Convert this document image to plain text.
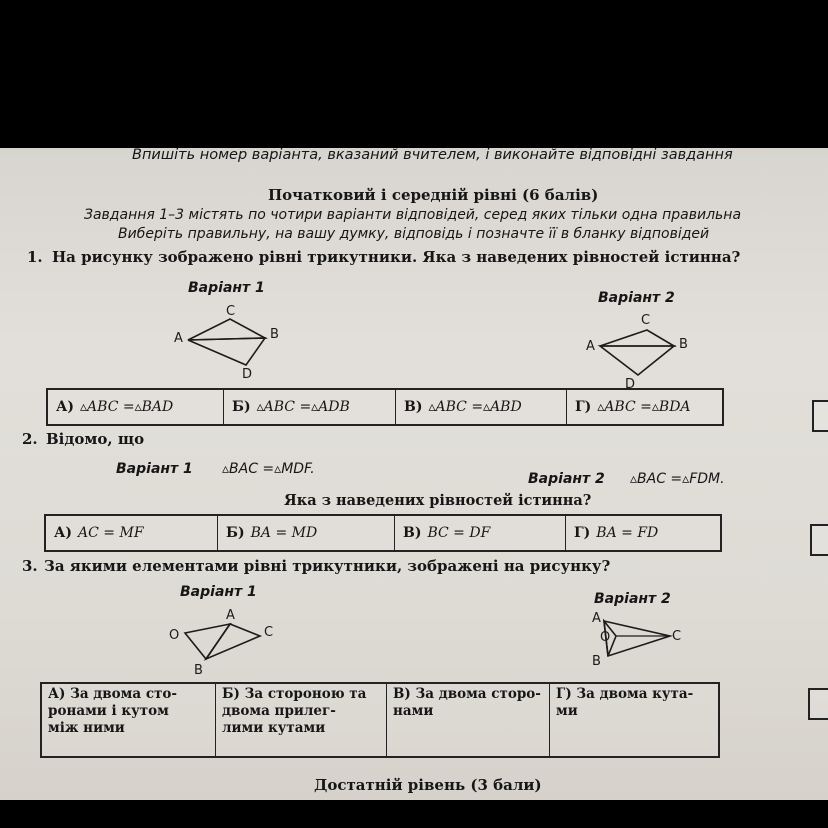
Впишіть номер варіанта, вказаний вчителем, і виконайте відповідні завдання
Початковий і середній рівні (6 балів)
Завдання 1–3 містять по чотири варіанти відповідей, серед яких тільки одна правильна
Виберіть правильну, на вашу думку, відповідь і позначте її в бланку відповідей
1. На рисунку зображено рівні трикутники. Яка з наведених рівностей істинна?
Варіант 1
Варіант 2
A	B
C
D
A	B
C
D
А) ▵ABC =▵BAD	Б) ▵ABC =▵ADB	В) ▵ABC =▵ABD	Г) ▵ABC =▵BDA
2. Відомо, що
Варіант 1 ▵BAC =▵MDF.
Варіант 2 ▵BAC =▵FDM.
Яка з наведених рівностей істинна?
А) AC = MF	Б) BA = MD	В) BC = DF	Г) BA = FD
3. За якими елементами рівні трикутники, зображені на рисунку?
Варіант 1	Варіант 2
O
A
C
B
A
O	C
B
А) За двома сто-
ронами і кутом
між ними
Б) За стороною та
двома прилег-
лими кутами
В) За двома сторо-
нами
Г) За двома кута-
ми
Достатній рівень (3 бали)
